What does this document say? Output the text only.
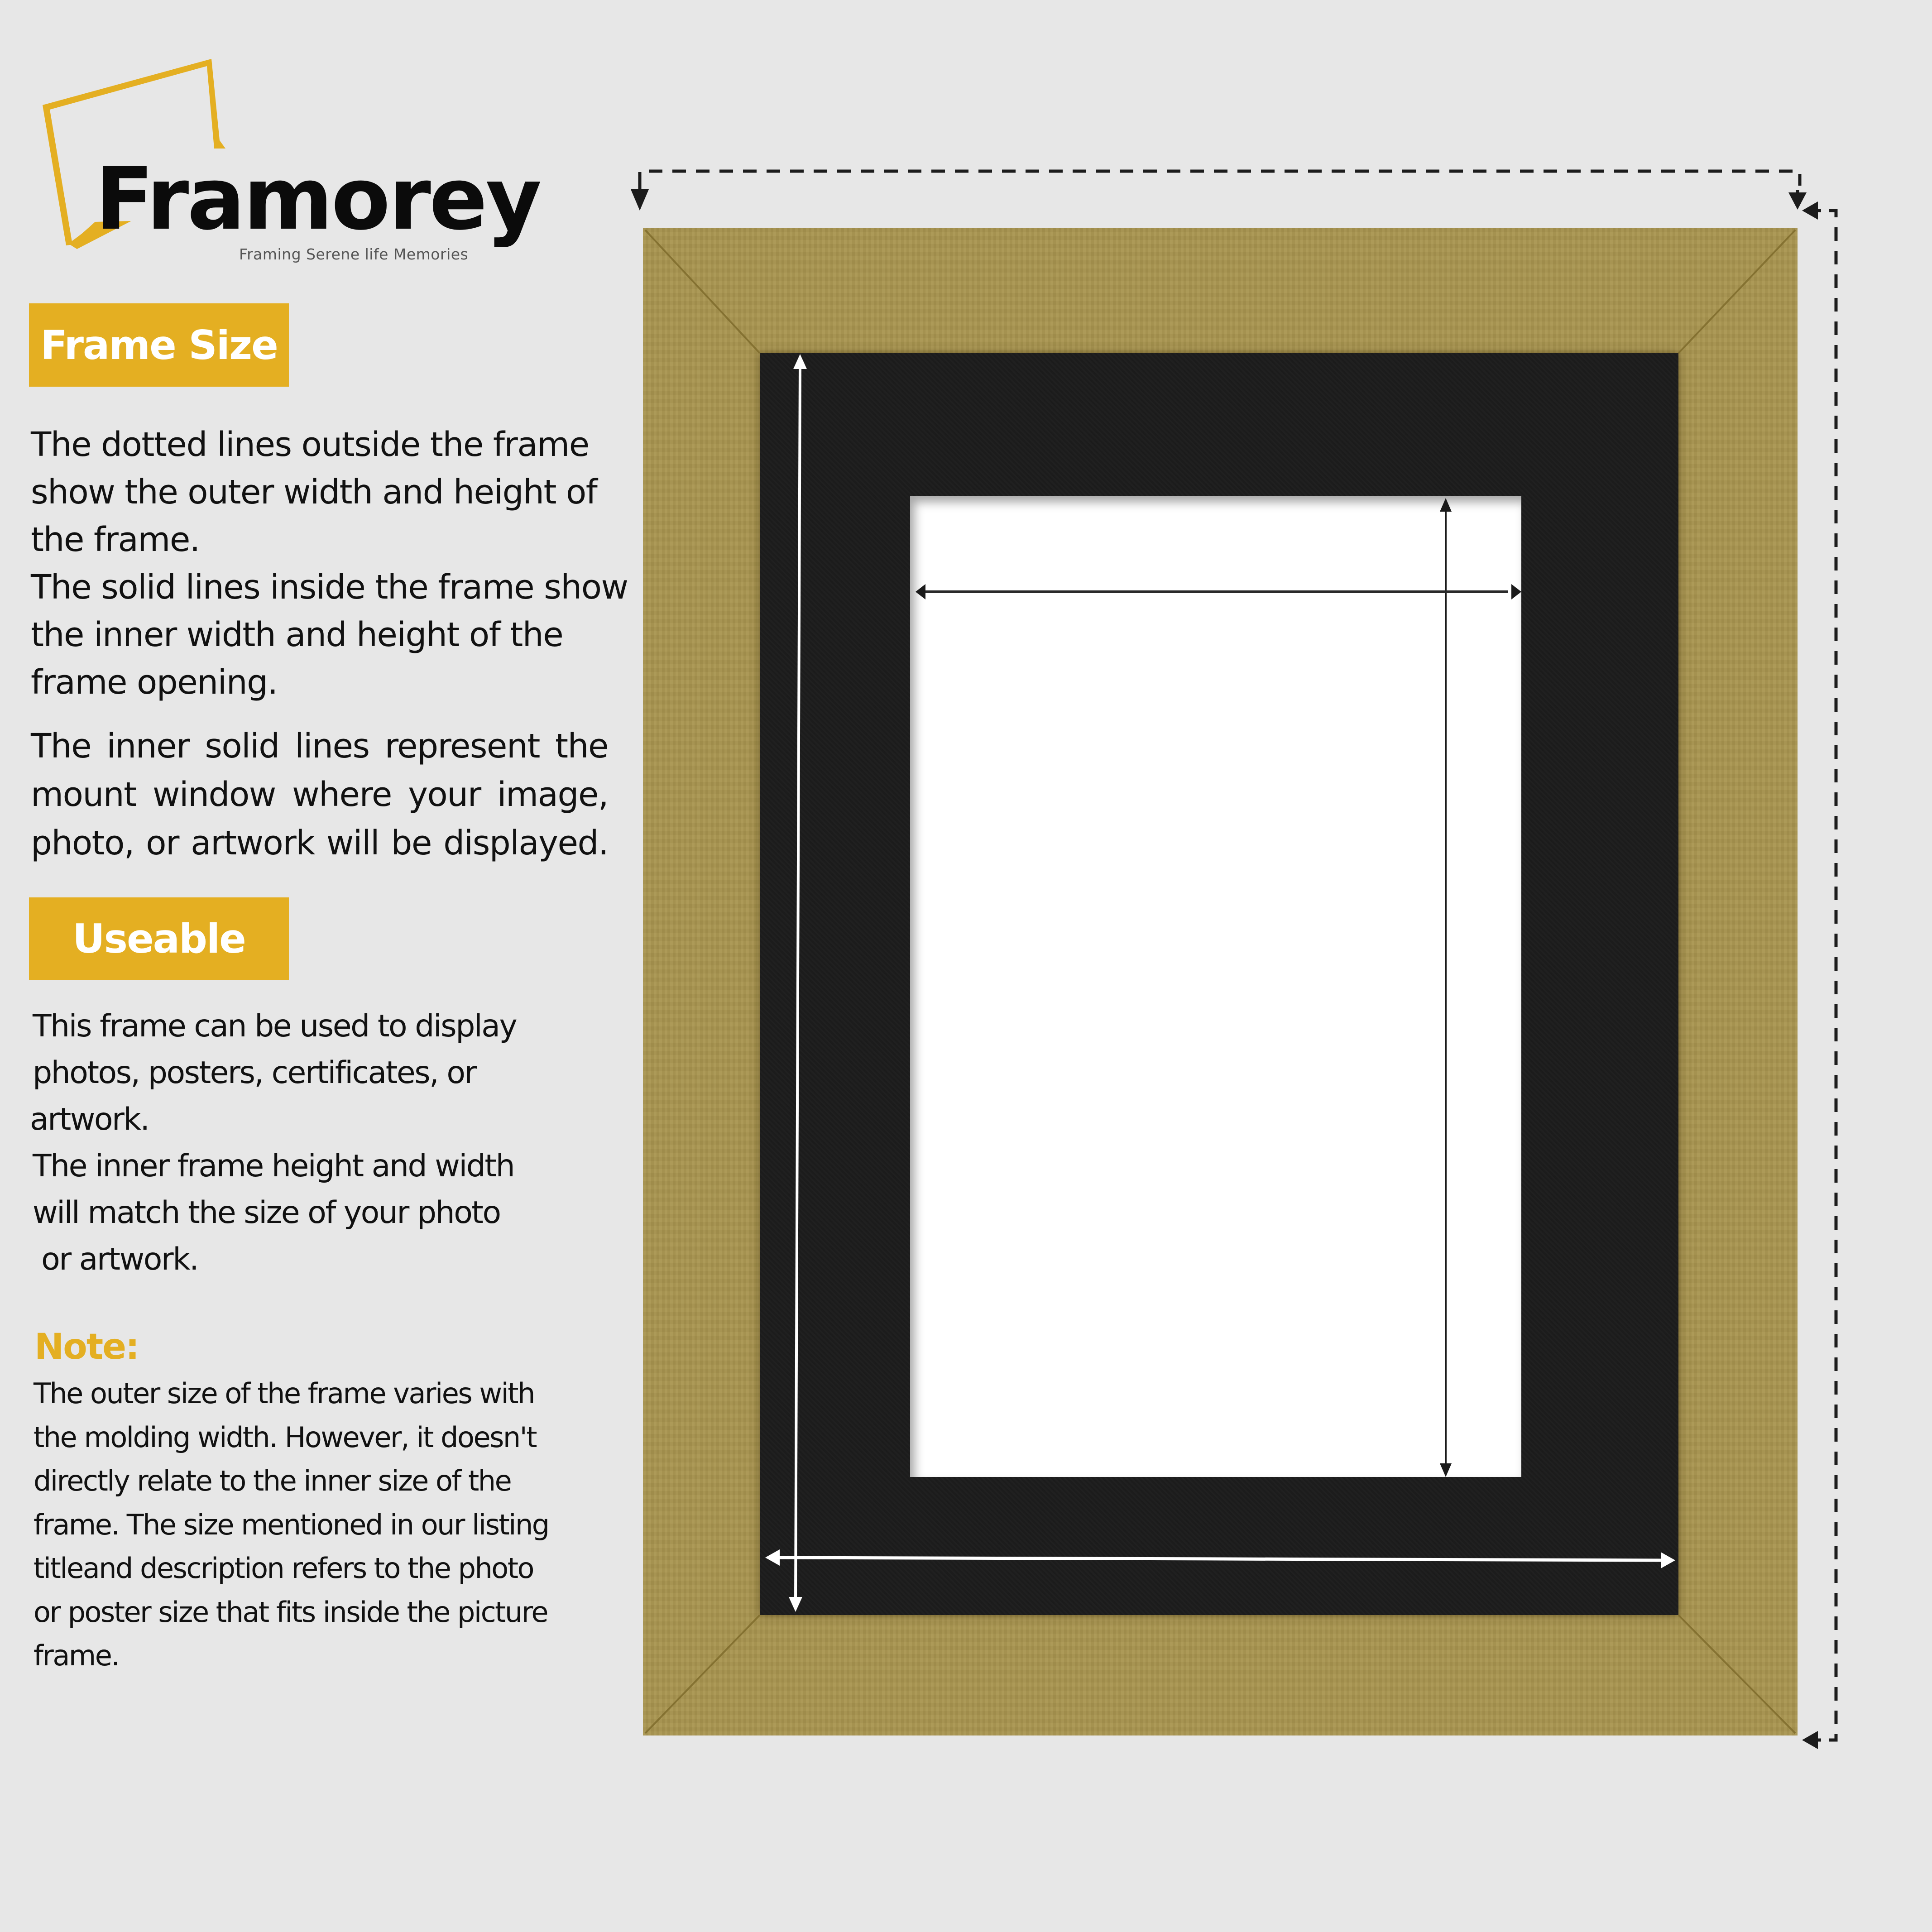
Framorey
Framing Serene life Memories
Frame Size
The dotted lines outside the frame
show the outer width and height of
the frame.
The solid lines inside the frame show
the inner width and height of the
frame opening.
The inner solid lines represent the
mount window where your image,
photo, or artwork will be displayed.
Useable
This frame can be used to display
photos, posters, certificates, or
artwork.
The inner frame height and width
will match the size of your photo
or artwork.
Note:
The outer size of the frame varies with
the molding width. However, it doesn't
directly relate to the inner size of the
frame. The size mentioned in our listing
titleand description refers to the photo
or poster size that fits inside the picture
frame.
